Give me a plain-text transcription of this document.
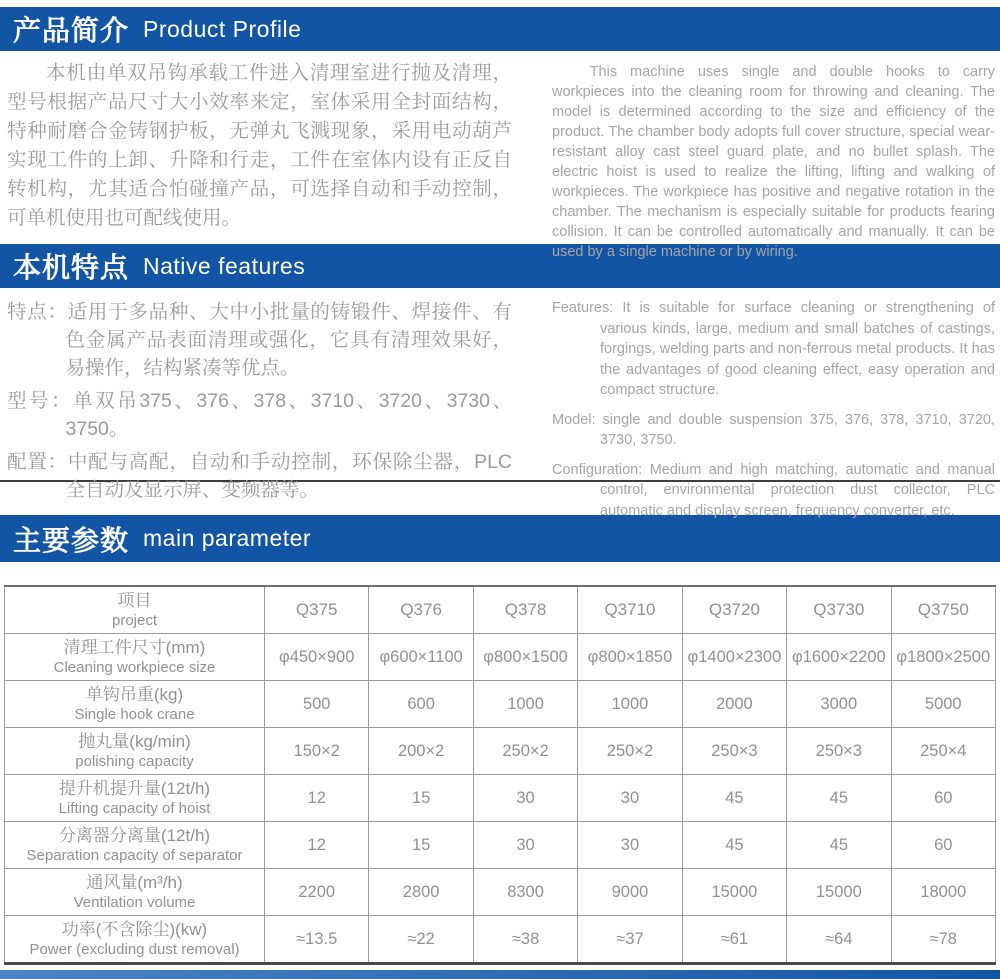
产品简介 Product Profile
本机由单双吊钩承载工件进入清理室进行抛及清理，型号根据产品尺寸大小效率来定，室体采用全封面结构，特种耐磨合金铸钢护板，无弹丸飞溅现象，采用电动葫芦实现工件的上卸、升降和行走，工件在室体内设有正反自转机构，尤其适合怕碰撞产品，可选择自动和手动控制，可单机使用也可配线使用。
This machine uses single and double hooks to carry workpieces into the cleaning room for throwing and cleaning. The model is determined according to the size and efficiency of the product. The chamber body adopts full cover structure, special wear-resistant alloy cast steel guard plate, and no bullet splash. The electric hoist is used to realize the lifting, lifting and walking of workpieces. The workpiece has positive and negative rotation in the chamber. The mechanism is especially suitable for products fearing collision. It can be controlled automatically and manually. It can be used by a single machine or by wiring.
本机特点 Native features
特点：适用于多品种、大中小批量的铸锻件、焊接件、有色金属产品表面清理或强化，它具有清理效果好，易操作，结构紧凑等优点。
型号：单双吊375、376、378、3710、3720、3730、3750。
配置：中配与高配，自动和手动控制，环保除尘器，PLC全自动及显示屏、变频器等。
Features: It is suitable for surface cleaning or strengthening of various kinds, large, medium and small batches of castings, forgings, welding parts and non-ferrous metal products. It has the advantages of good cleaning effect, easy operation and compact structure.
Model: single and double suspension 375, 376, 378, 3710, 3720, 3730, 3750.
Configuration: Medium and high matching, automatic and manual control, environmental protection dust collector, PLC automatic and display screen, frequency converter, etc.
主要参数 main parameter
项目
project	Q375	Q376	Q378	Q3710	Q3720	Q3730	Q3750

清理工件尺寸(mm)
Cleaning workpiece size	φ450×900	φ600×1100	φ800×1500	φ800×1850	φ1400×2300	φ1600×2200	φ1800×2500

单钩吊重(kg)
Single hook crane	500	600	1000	1000	2000	3000	5000

抛丸量(kg/min)
polishing capacity	150×2	200×2	250×2	250×2	250×3	250×3	250×4

提升机提升量(12t/h)
Lifting capacity of hoist	12	15	30	30	45	45	60

分离器分离量(12t/h)
Separation capacity of separator	12	15	30	30	45	45	60

通风量(m³/h)
Ventilation volume	2200	2800	8300	9000	15000	15000	18000

功率(不含除尘)(kw)
Power (excluding dust removal)	≈13.5	≈22	≈38	≈37	≈61	≈64	≈78
